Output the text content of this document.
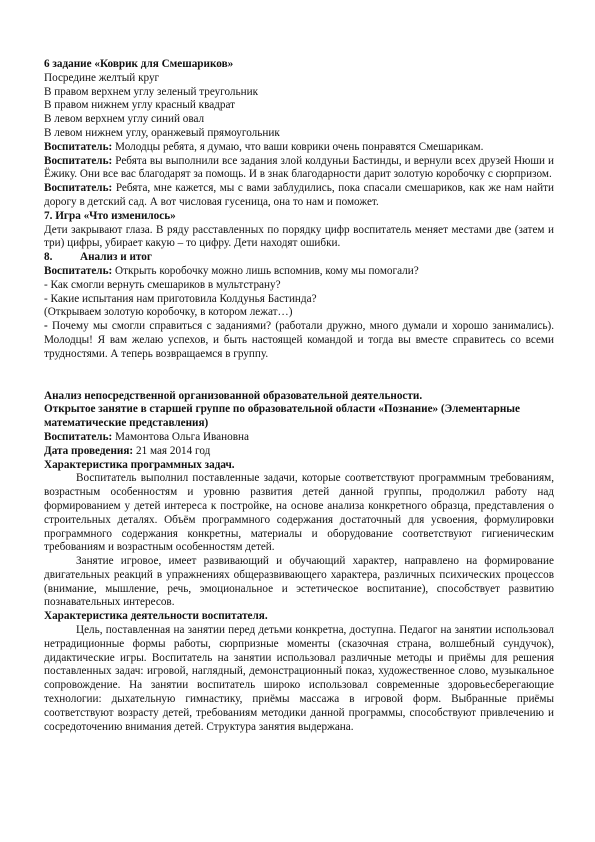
6 задание «Коврик для Смешариков»

Посредине желтый круг

В правом верхнем углу зеленый треугольник

В правом нижнем углу красный квадрат

В левом верхнем углу синий овал

В левом нижнем углу, оранжевый прямоугольник

Воспитатель: Молодцы ребята, я думаю, что ваши коврики очень понравятся Смешарикам.

Воспитатель: Ребята вы выполнили все задания злой колдуньи Бастинды, и вернули всех друзей Нюши и Ёжику. Они все вас благодарят за помощь. И в знак благодарности дарит золотую коробочку с сюрпризом.

Воспитатель: Ребята, мне кажется, мы с вами заблудились, пока спасали смешариков, как же нам найти дорогу в детский сад. А вот числовая гусеница, она то нам и поможет.

7. Игра «Что изменилось»

Дети закрывают глаза. В ряду расставленных по порядку цифр воспитатель меняет местами две (затем и три) цифры, убирает какую – то цифру. Дети находят ошибки.

8.	Анализ и итог

Воспитатель: Открыть коробочку можно лишь вспомнив, кому мы помогали?

- Как смогли вернуть смешариков в мультстрану?

- Какие испытания нам приготовила Колдунья Бастинда?

(Открываем золотую коробочку, в котором лежат…)

- Почему мы смогли справиться с заданиями? (работали дружно, много думали и хорошо занимались). Молодцы! Я вам желаю успехов, и быть настоящей командой и тогда вы вместе справитесь со всеми трудностями. А теперь возвращаемся в группу.

Анализ непосредственной организованной образовательной деятельности.

Открытое занятие в старшей группе по образовательной области «Познание» (Элементарные математические представления)

Воспитатель: Мамонтова Ольга Ивановна

Дата проведения: 21 мая 2014 год

Характеристика программных задач.

Воспитатель выполнил поставленные задачи, которые соответствуют программным требованиям, возрастным особенностям и уровню развития детей данной группы, продолжил работу над формированием у детей интереса к постройке, на основе анализа конкретного образца, представления о строительных деталях. Объём программного содержания достаточный для усвоения, формулировки программного содержания конкретны, материалы и оборудование соответствуют гигиеническим требованиям и возрастным особенностям детей.

Занятие игровое, имеет развивающий и обучающий характер, направлено на формирование двигательных реакций в упражнениях общеразвивающего характера, различных психических процессов (внимание, мышление, речь, эмоциональное и эстетическое воспитание), способствует развитию познавательных интересов.

Характеристика деятельности воспитателя.

Цель, поставленная на занятии перед детьми конкретна, доступна. Педагог на занятии использовал нетрадиционные формы работы, сюрпризные моменты (сказочная страна, волшебный сундучок), дидактические игры. Воспитатель на занятии использовал различные методы и приёмы для решения поставленных задач: игровой, наглядный, демонстрационный показ, художественное слово, музыкальное сопровождение. На занятии воспитатель широко использовал современные здоровьесберегающие технологии: дыхательную гимнастику, приёмы массажа в игровой форм. Выбранные приёмы соответствуют возрасту детей, требованиям методики данной программы, способствуют привлечению и сосредоточению внимания детей. Структура занятия выдержана.
